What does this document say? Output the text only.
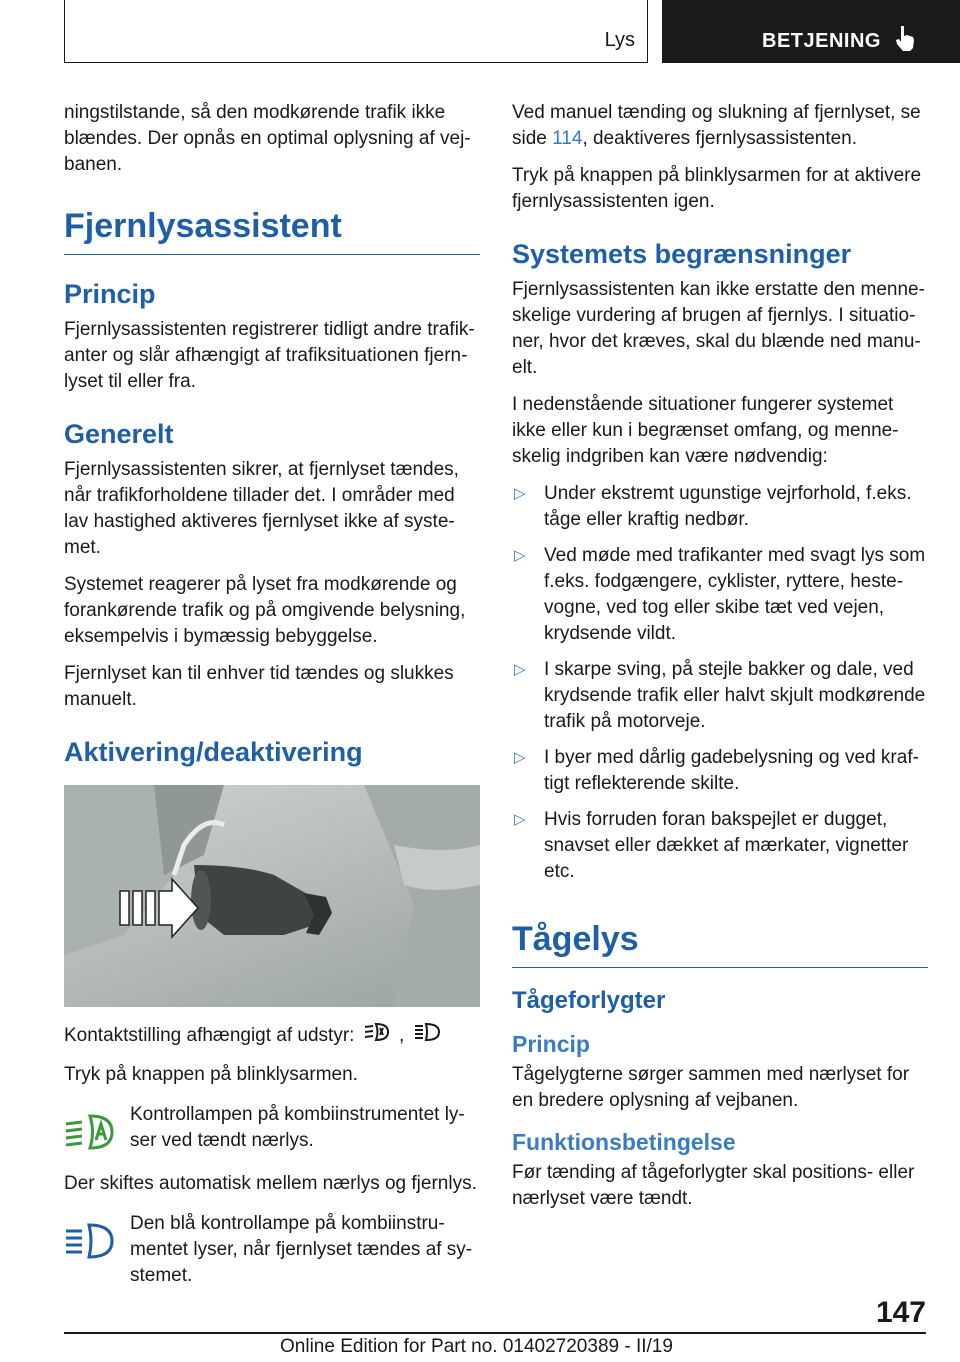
Lys	BETJENING

ningstilstande, så den modkørende trafik ikke blændes. Der opnås en optimal oplysning af vej-banen.

Fjernlysassistent
Princip

Fjernlysassistenten registrerer tidligt andre trafik-anter og slår afhængigt af trafiksituationen fjern-lyset til eller fra.

Generelt

Fjernlysassistenten sikrer, at fjernlyset tændes, når trafikforholdene tillader det. I områder med lav hastighed aktiveres fjernlyset ikke af syste-met.

Systemet reagerer på lyset fra modkørende og forankørende trafik og på omgivende belysning, eksempelvis i bymæssig bebyggelse.

Fjernlyset kan til enhver tid tændes og slukkes manuelt.

Aktivering/deaktivering

Kontaktstilling afhængigt af udstyr: ,

Tryk på knappen på blinklysarmen.

Kontrollampen på kombiinstrumentet ly-ser ved tændt nærlys.

Der skiftes automatisk mellem nærlys og fjernlys.

Den blå kontrollampe på kombiinstru-mentet lyser, når fjernlyset tændes af sy-stemet.

Ved manuel tænding og slukning af fjernlyset, se side 114, deaktiveres fjernlysassistenten.

Tryk på knappen på blinklysarmen for at aktivere fjernlysassistenten igen.

Systemets begrænsninger

Fjernlysassistenten kan ikke erstatte den menne-skelige vurdering af brugen af fjernlys. I situatio-ner, hvor det kræves, skal du blænde ned manu-elt.

I nedenstående situationer fungerer systemet ikke eller kun i begrænset omfang, og menne-skelig indgriben kan være nødvendig:

▷ Under ekstremt ugunstige vejrforhold, f.eks. tåge eller kraftig nedbør.
▷ Ved møde med trafikanter med svagt lys som f.eks. fodgængere, cyklister, ryttere, heste-vogne, ved tog eller skibe tæt ved vejen, krydsende vildt.
▷ I skarpe sving, på stejle bakker og dale, ved krydsende trafik eller halvt skjult modkørende trafik på motorveje.
▷ I byer med dårlig gadebelysning og ved kraf-tigt reflekterende skilte.
▷ Hvis forruden foran bakspejlet er dugget, snavset eller dækket af mærkater, vignetter etc.
Tågelys
Tågeforlygter
Princip

Tågelygterne sørger sammen med nærlyset for en bredere oplysning af vejbanen.

Funktionsbetingelse

Før tænding af tågeforlygter skal positions- eller nærlyset være tændt.

147
Online Edition for Part no. 01402720389 - II/19
